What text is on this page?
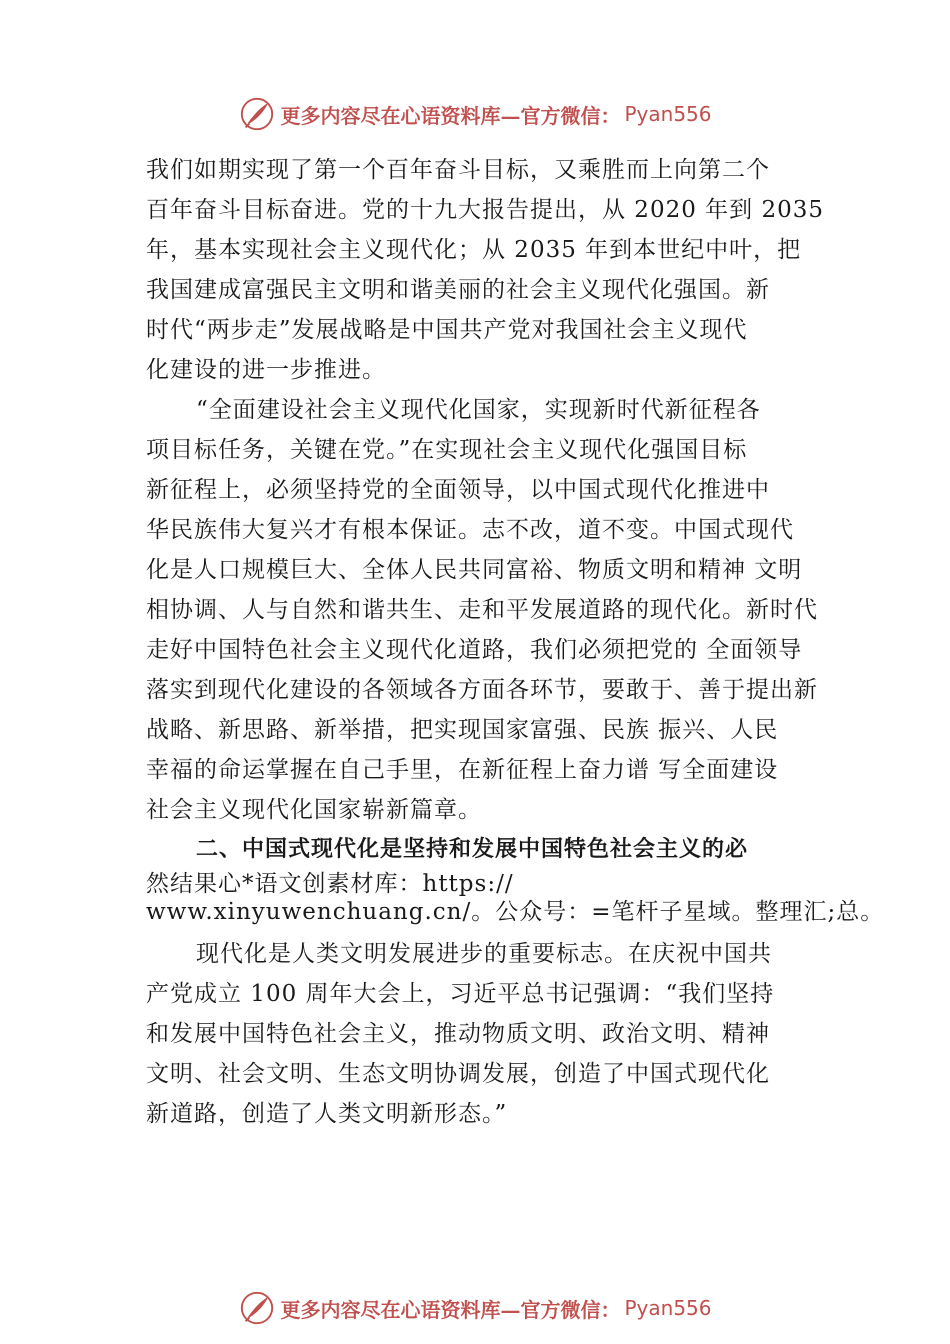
更多内容尽在心语资料库—官方微信： Pyan556
我们如期实现了第一个百年奋斗目标，又乘胜而上向第二个
百年奋斗目标奋进。党的十九大报告提出，从 2020 年到 2035
年，基本实现社会主义现代化；从 2035 年到本世纪中叶，把
我国建成富强民主文明和谐美丽的社会主义现代化强国。新
时代“两步走”发展战略是中国共产党对我国社会主义现代
化建设的进一步推进。
“全面建设社会主义现代化国家，实现新时代新征程各
项目标任务，关键在党。”在实现社会主义现代化强国目标
新征程上，必须坚持党的全面领导，以中国式现代化推进中
华民族伟大复兴才有根本保证。志不改，道不变。中国式现代
化是人口规模巨大、全体人民共同富裕、物质文明和精神 文明
相协调、人与自然和谐共生、走和平发展道路的现代化。新时代
走好中国特色社会主义现代化道路，我们必须把党的 全面领导
落实到现代化建设的各领域各方面各环节，要敢于、善于提出新
战略、新思路、新举措，把实现国家富强、民族 振兴、人民
幸福的命运掌握在自己手里，在新征程上奋力谱 写全面建设
社会主义现代化国家崭新篇章。
二、中国式现代化是坚持和发展中国特色社会主义的必
然结果心*语文创素材库：https://
www.xinyuwenchuang.cn/。公众号：=笔杆子星域。整理汇;总。
现代化是人类文明发展进步的重要标志。在庆祝中国共
产党成立 100 周年大会上，习近平总书记强调：“我们坚持
和发展中国特色社会主义，推动物质文明、政治文明、精神
文明、社会文明、生态文明协调发展，创造了中国式现代化
新道路，创造了人类文明新形态。”
更多内容尽在心语资料库—官方微信： Pyan556
